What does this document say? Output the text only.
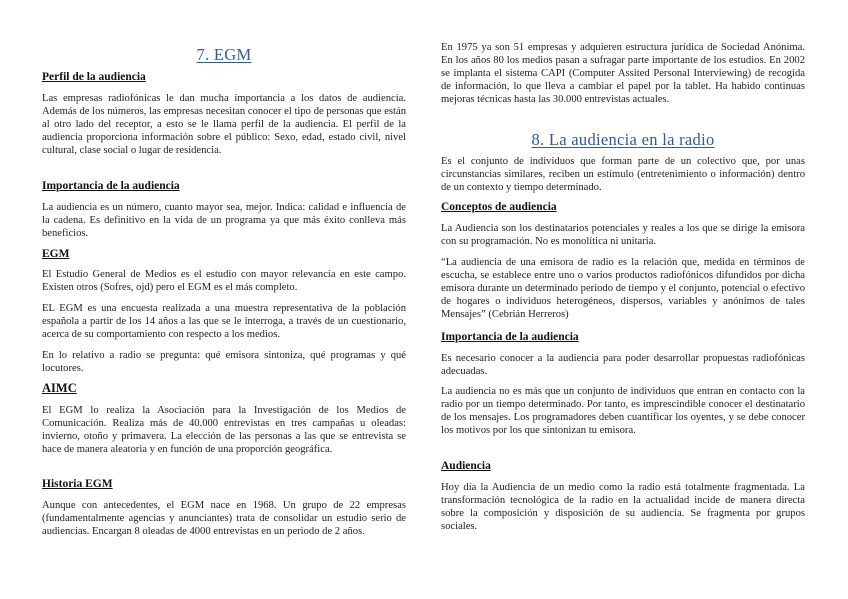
7. EGM
Perfil de la audiencia

Las empresas radiofónicas le dan mucha importancia a los datos de audiencia. Además de los números, las empresas necesitan conocer el tipo de personas que están al otro lado del receptor, a esto se le llama perfil de la audiencia. El perfil de la audiencia proporciona información sobre el público: Sexo, edad, estado civil, nivel cultural, clase social o lugar de residencia.

Importancia de la audiencia

La audiencia es un número, cuanto mayor sea, mejor. Indica: calidad e influencia de la cadena. Es definitivo en la vida de un programa ya que más éxito conlleva más beneficios.

EGM

El Estudio General de Medios es el estudio con mayor relevancia en este campo. Existen otros (Sofres, ojd) pero el EGM es el más completo.

EL EGM es una encuesta realizada a una muestra representativa de la población española a partir de los 14 años a las que se le interroga, a través de un cuestionario, acerca de su comportamiento con respecto a los medios.

En lo relativo a radio se pregunta: qué emisora sintoniza, qué programas y qué locutores.

AIMC

El EGM lo realiza la Asociación para la Investigación de los Medios de Comunicación. Realiza más de 40.000 entrevistas en tres campañas u oleadas: invierno, otoño y primavera. La elección de las personas a las que se entrevista se hace de manera aleatoria y en función de una proporción geográfica.

Historia EGM

Aunque con antecedentes, el EGM nace en 1968. Un grupo de 22 empresas (fundamentalmente agencias y anunciantes) trata de consolidar un estudio serio de audiencias. Encargan 8 oleadas de 4000 entrevistas en un periodo de 2 años.

En 1975 ya son 51 empresas y adquieren estructura jurídica de Sociedad Anónima. En los años 80 los medios pasan a sufragar parte importante de los estudios. En 2002 se implanta el sistema CAPI (Computer Assited Personal Interviewing) de recogida de información, lo que lleva a cambiar el papel por la tablet. Ha habido continuas mejoras técnicas hasta las 30.000 entrevistas actuales.

8. La audiencia en la radio

Es el conjunto de individuos que forman parte de un colectivo que, por unas circunstancias similares, reciben un estímulo (entretenimiento o información) dentro de un contexto y tiempo determinado.

Conceptos de audiencia

La Audiencia son los destinatarios potenciales y reales a los que se dirige la emisora con su programación. No es monolítica ni unitaria.

“La audiencia de una emisora de radio es la relación que, medida en términos de escucha, se establece entre uno o varios productos radiofónicos difundidos por dicha emisora durante un determinado periodo de tiempo y el conjunto, potencial o efectivo de hogares o individuos heterogéneos, dispersos, variables y anónimos de tales Mensajes” (Cebrián Herreros)

Importancia de la audiencia

Es necesario conocer a la audiencia para poder desarrollar propuestas radiofónicas adecuadas.

La audiencia no es más que un conjunto de individuos que entran en contacto con la radio por un tiempo determinado. Por tanto, es imprescindible conocer el destinatario de los mensajes. Los programadores deben cuantificar los oyentes, y se debe conocer los motivos por los que sintonizan tu emisora.

Audiencia

Hoy día la Audiencia de un medio como la radio está totalmente fragmentada. La transformación tecnológica de la radio en la actualidad incide de manera directa sobre la composición y disposición de su audiencia. Se fragmenta por grupos sociales.
